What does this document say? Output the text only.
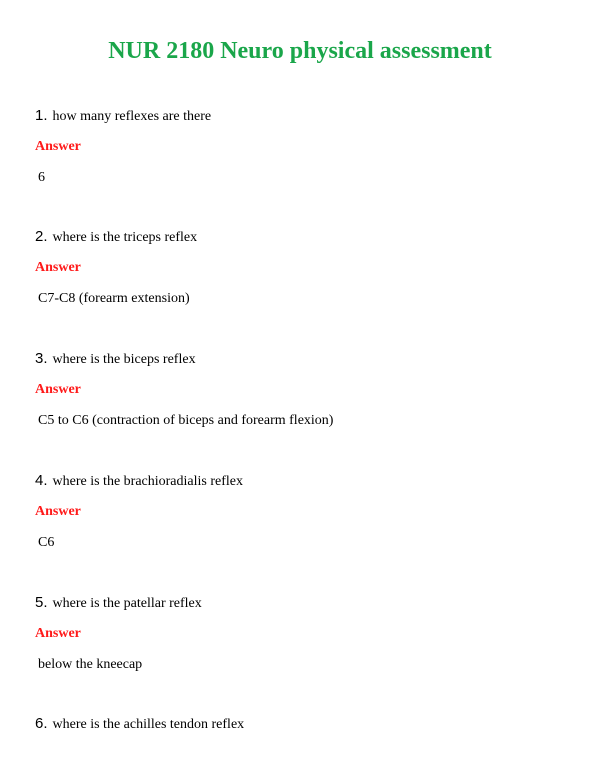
NUR 2180 Neuro physical assessment
1. how many reflexes are there
Answer
6
2. where is the triceps reflex
Answer
C7-C8 (forearm extension)
3. where is the biceps reflex
Answer
C5 to C6 (contraction of biceps and forearm flexion)
4. where is the brachioradialis reflex
Answer
C6
5. where is the patellar reflex
Answer
below the kneecap
6. where is the achilles tendon reflex
